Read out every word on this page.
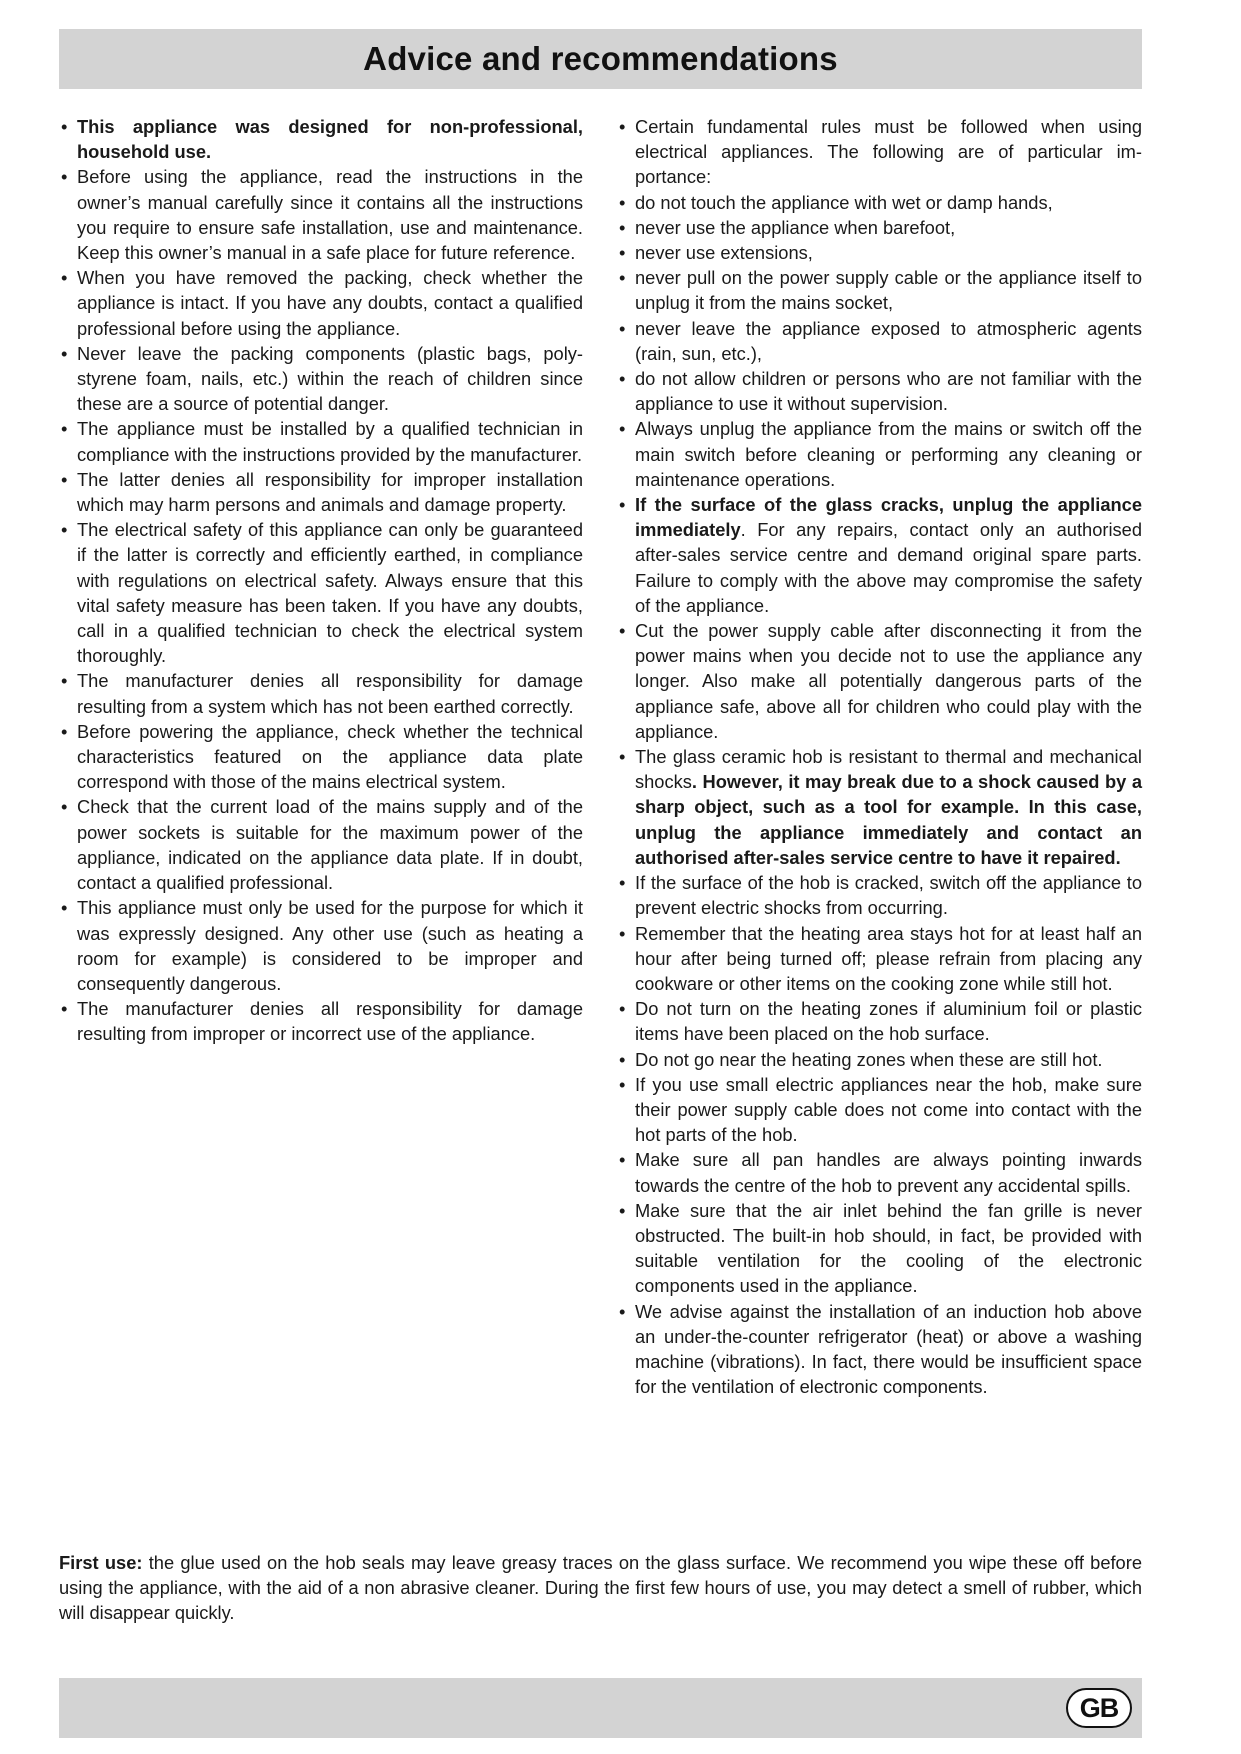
Advice and recommendations
• This appliance was designed for non-professional, household use.
• Before using the appliance, read the instructions in the owner’s manual carefully since it contains all the instructions you require to ensure safe installation, use and maintenance. Keep this owner’s manual in a safe place for future reference.
• When you have removed the packing, check whether the appliance is intact. If you have any doubts, contact a qualified professional before using the appliance.
• Never leave the packing components (plastic bags, polystyrene foam, nails, etc.) within the reach of children since these are a source of potential danger.
• The appliance must be installed by a qualified technician in compliance with the instructions provided by the manufacturer.
• The latter denies all responsibility for improper installation which may harm persons and animals and damage property.
• The electrical safety of this appliance can only be guaranteed if the latter is correctly and efficiently earthed, in compliance with regulations on electrical safety. Always ensure that this vital safety measure has been taken. If you have any doubts, call in a qualified technician to check the electrical system thoroughly.
• The manufacturer denies all responsibility for damage resulting from a system which has not been earthed correctly.
• Before powering the appliance, check whether the technical characteristics featured on the appliance data plate correspond with those of the mains electrical system.
• Check that the current load of the mains supply and of the power sockets is suitable for the maximum power of the appliance, indicated on the appliance data plate. If in doubt, contact a qualified professional.
• This appliance must only be used for the purpose for which it was expressly designed. Any other use (such as heating a room for example) is considered to be improper and consequently dangerous.
• The manufacturer denies all responsibility for damage resulting from improper or incorrect use of the appliance.
• Certain fundamental rules must be followed when using electrical appliances. The following are of particular importance:
• do not touch the appliance with wet or damp hands,
• never use the appliance when barefoot,
• never use extensions,
• never pull on the power supply cable or the appliance itself to unplug it from the mains socket,
• never leave the appliance exposed to atmospheric agents (rain, sun, etc.),
• do not allow children or persons who are not familiar with the appliance to use it without supervision.
• Always unplug the appliance from the mains or switch off the main switch before cleaning or performing any cleaning or maintenance operations.
• If the surface of the glass cracks, unplug the appliance immediately. For any repairs, contact only an authorised after-sales service centre and demand original spare parts. Failure to comply with the above may compromise the safety of the appliance.
• Cut the power supply cable after disconnecting it from the power mains when you decide not to use the appliance any longer. Also make all potentially dangerous parts of the appliance safe, above all for children who could play with the appliance.
• The glass ceramic hob is resistant to thermal and mechanical shocks. However, it may break due to a shock caused by a sharp object, such as a tool for example. In this case, unplug the appliance immediately and contact an authorised after-sales service centre to have it repaired.
• If the surface of the hob is cracked, switch off the appliance to prevent electric shocks from occurring.
• Remember that the heating area stays hot for at least half an hour after being turned off; please refrain from placing any cookware or other items on the cooking zone while still hot.
• Do not turn on the heating zones if aluminium foil or plastic items have been placed on the hob surface.
• Do not go near the heating zones when these are still hot.
• If you use small electric appliances near the hob, make sure their power supply cable does not come into contact with the hot parts of the hob.
• Make sure all pan handles are always pointing inwards towards the centre of the hob to prevent any accidental spills.
• Make sure that the air inlet behind the fan grille is never obstructed. The built-in hob should, in fact, be provided with suitable ventilation for the cooling of the electronic components used in the appliance.
• We advise against the installation of an induction hob above an under-the-counter refrigerator (heat) or above a washing machine (vibrations). In fact, there would be insufficient space for the ventilation of electronic components.

First use: the glue used on the hob seals may leave greasy traces on the glass surface. We recommend you wipe these off before using the appliance, with the aid of a non abrasive cleaner. During the first few hours of use, you may detect a smell of rubber, which will disappear quickly.

GB
